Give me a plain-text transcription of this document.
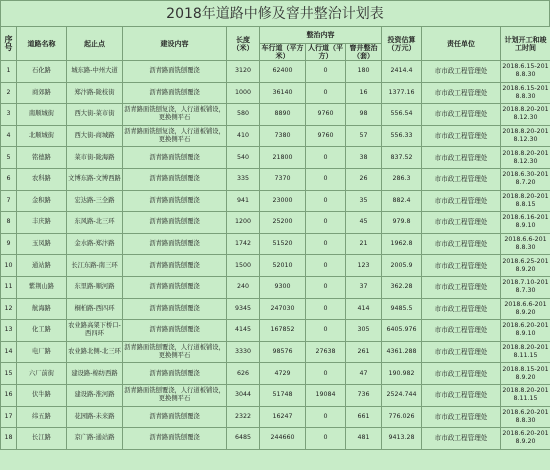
2018年道路中修及窨井整治计划表
序号	道路名称	起止点	建设内容	长度（米）	整治内容			投资估算（万元）	责任单位	计划开工和竣工时间
					车行道（平方米）	人行道（平方）	窨井整治（套）			
1	石化路	城东路-中州大道	沥青路面铣刨覆浇	3120	62400	0	180	2414.4	市市政工程管理处	2018.6.15-2018.8.30
2	商郊路	郑汴路-陇枝街	沥青路面铣刨覆浇	1000	36140	0	16	1377.16	市市政工程管理处	2018.6.15-2018.8.30
3	南顺城街	西大街-菜市街	沥青路面铣刨复浇，人行道板铺设，更换侧平石	580	8890	9760	98	556.54	市市政工程管理处	2018.8.20-2018.12.30
4	北顺城街	西大街-商城路	沥青路面铣刨复浇，人行道板铺设，更换侧平石	410	7380	9760	57	556.33	市市政工程管理处	2018.8.20-2018.12.30
5	铭德路	菜市街-陇海路	沥青路面铣刨覆浇	540	21800	0	38	837.52	市市政工程管理处	2018.8.20-2018.12.30
6	农科路	文博东路-文博西路	沥青路面铣刨覆浇	335	7370	0	26	286.3	市市政工程管理处	2018.6.30-2018.7.20
7	金积路	宏达路-三全路	沥青路面铣刨覆浇	941	23000	0	35	882.4	市市政工程管理处	2018.8.20-2018.8.15
8	丰庆路	东风路-北三环	沥青路面铣刨覆浇	1200	25200	0	45	979.8	市市政工程管理处	2018.6.16-2018.9.10
9	玉凤路	金水路-郑汴路	沥青路面铣刨覆浇	1742	51520	0	21	1962.8	市市政工程管理处	2018.6.6-2018.8.30
10	通站路	长江东路-南三环	沥青路面铣刨覆浇	1500	52010	0	123	2005.9	市市政工程管理处	2018.6.25-2018.9.20
11	紫荆山路	东里路-顺河路	沥青路面铣刨覆浇	240	9300	0	37	362.28	市市政工程管理处	2018.7.10-2018.7.30
12	航海路	桐柏路-西四环	沥青路面铣刨覆浇	9345	247030	0	414	9485.5	市市政工程管理处	2018.6.6-2018.9.20
13	化工路	农业路高架下桥口-西四环	沥青路面铣刨覆浇	4145	167852	0	305	6405.976	市市政工程管理处	2018.6.20-2018.9.10
14	电厂路	农业路北侧-北三环	沥青路面铣刨覆浇，人行道板铺设，更换侧平石	3330	98576	27638	261	4361.288	市市政工程管理处	2018.8.20-2018.11.15
15	六厂前街	建设路-棉纺西路	沥青路面铣刨覆浇	626	4729	0	47	190.982	市市政工程管理处	2018.8.15-2018.9.20
16	伏牛路	建设路-淮河路	沥青路面铣刨覆浇，人行道板铺设，更换侧平石	3044	51748	19084	736	2524.744	市市政工程管理处	2018.8.20-2018.11.15
17	纬五路	花园路-未来路	沥青路面铣刨覆浇	2322	16247	0	661	776.026	市市政工程管理处	2018.6.20-2018.8.30
18	长江路	京广路-通站路	沥青路面铣刨覆浇	6485	244660	0	481	9413.28	市市政工程管理处	2018.6.20-2018.9.20
